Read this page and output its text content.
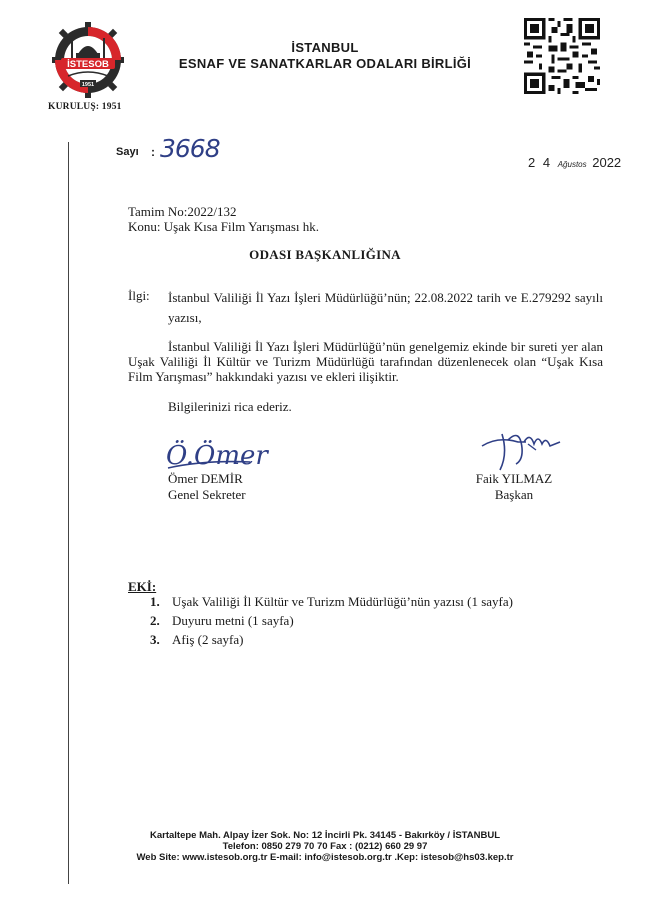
İSTESOB
1951
KURULUŞ: 1951
İSTANBUL
ESNAF VE SANATKARLAR ODALARI BİRLİĞİ
Sayı : 3668	2 4 Ağustos 2022
Tamim No:2022/132
Konu: Uşak Kısa Film Yarışması hk.
ODASI BAŞKANLIĞINA
İlgi: İstanbul Valiliği İl Yazı İşleri Müdürlüğü’nün; 22.08.2022 tarih ve E.279292 sayılı yazısı,
İstanbul Valiliği İl Yazı İşleri Müdürlüğü’nün genelgemiz ekinde bir sureti yer alan Uşak Valiliği İl Kültür ve Turizm Müdürlüğü tarafından düzenlenecek olan “Uşak Kısa Film Yarışması” hakkındaki yazısı ve ekleri ilişiktir.
Bilgilerinizi rica ederiz.
Ö.Ömer
Ömer DEMİR
Genel Sekreter
Faik YILMAZ
Başkan
EKİ:
1. Uşak Valiliği İl Kültür ve Turizm Müdürlüğü’nün yazısı (1 sayfa)
2. Duyuru metni (1 sayfa)
3. Afiş (2 sayfa)
Kartaltepe Mah. Alpay İzer Sok. No: 12 İncirli Pk. 34145 - Bakırköy / İSTANBUL
Telefon: 0850 279 70 70 Fax : (0212) 660 29 97
Web Site: www.istesob.org.tr E-mail: info@istesob.org.tr .Kep: istesob@hs03.kep.tr
